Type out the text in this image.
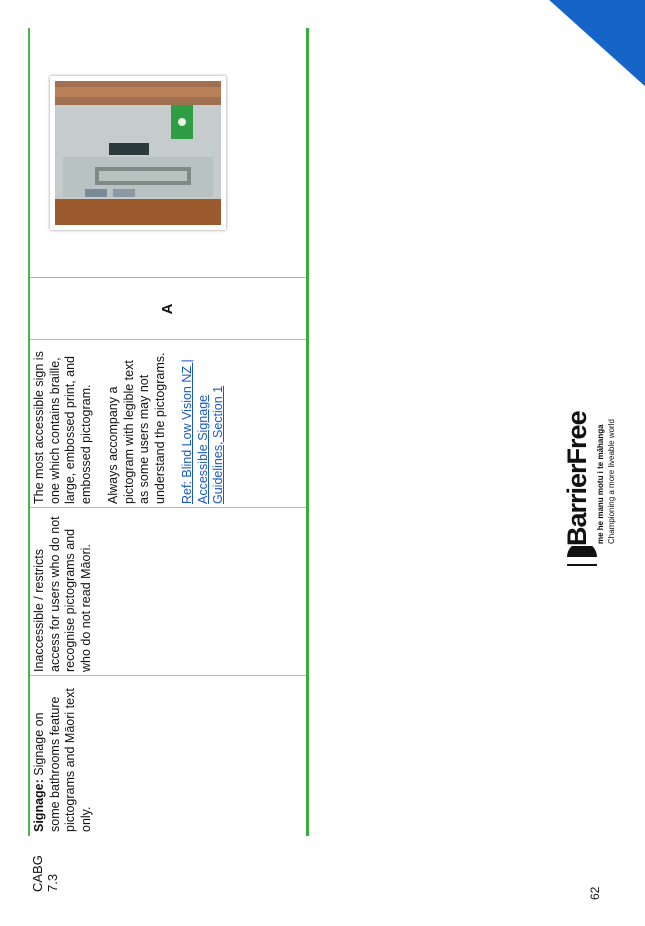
CABG 7.3
Signage: Signage on some bathrooms feature pictograms and Māori text only.
Inaccessible / restricts access for users who do not recognise pictograms and who do not read Māori.

The most accessible sign is one which contains braille, large, embossed print, and embossed pictogram. Always accompany a pictogram with legible text as some users may not understand the pictograms. Ref: Blind Low Vision NZ | Accessible Signage Guidelines, Section 1
A
BarrierFree me he manu motu i te māhanga Championing a more liveable world
62
